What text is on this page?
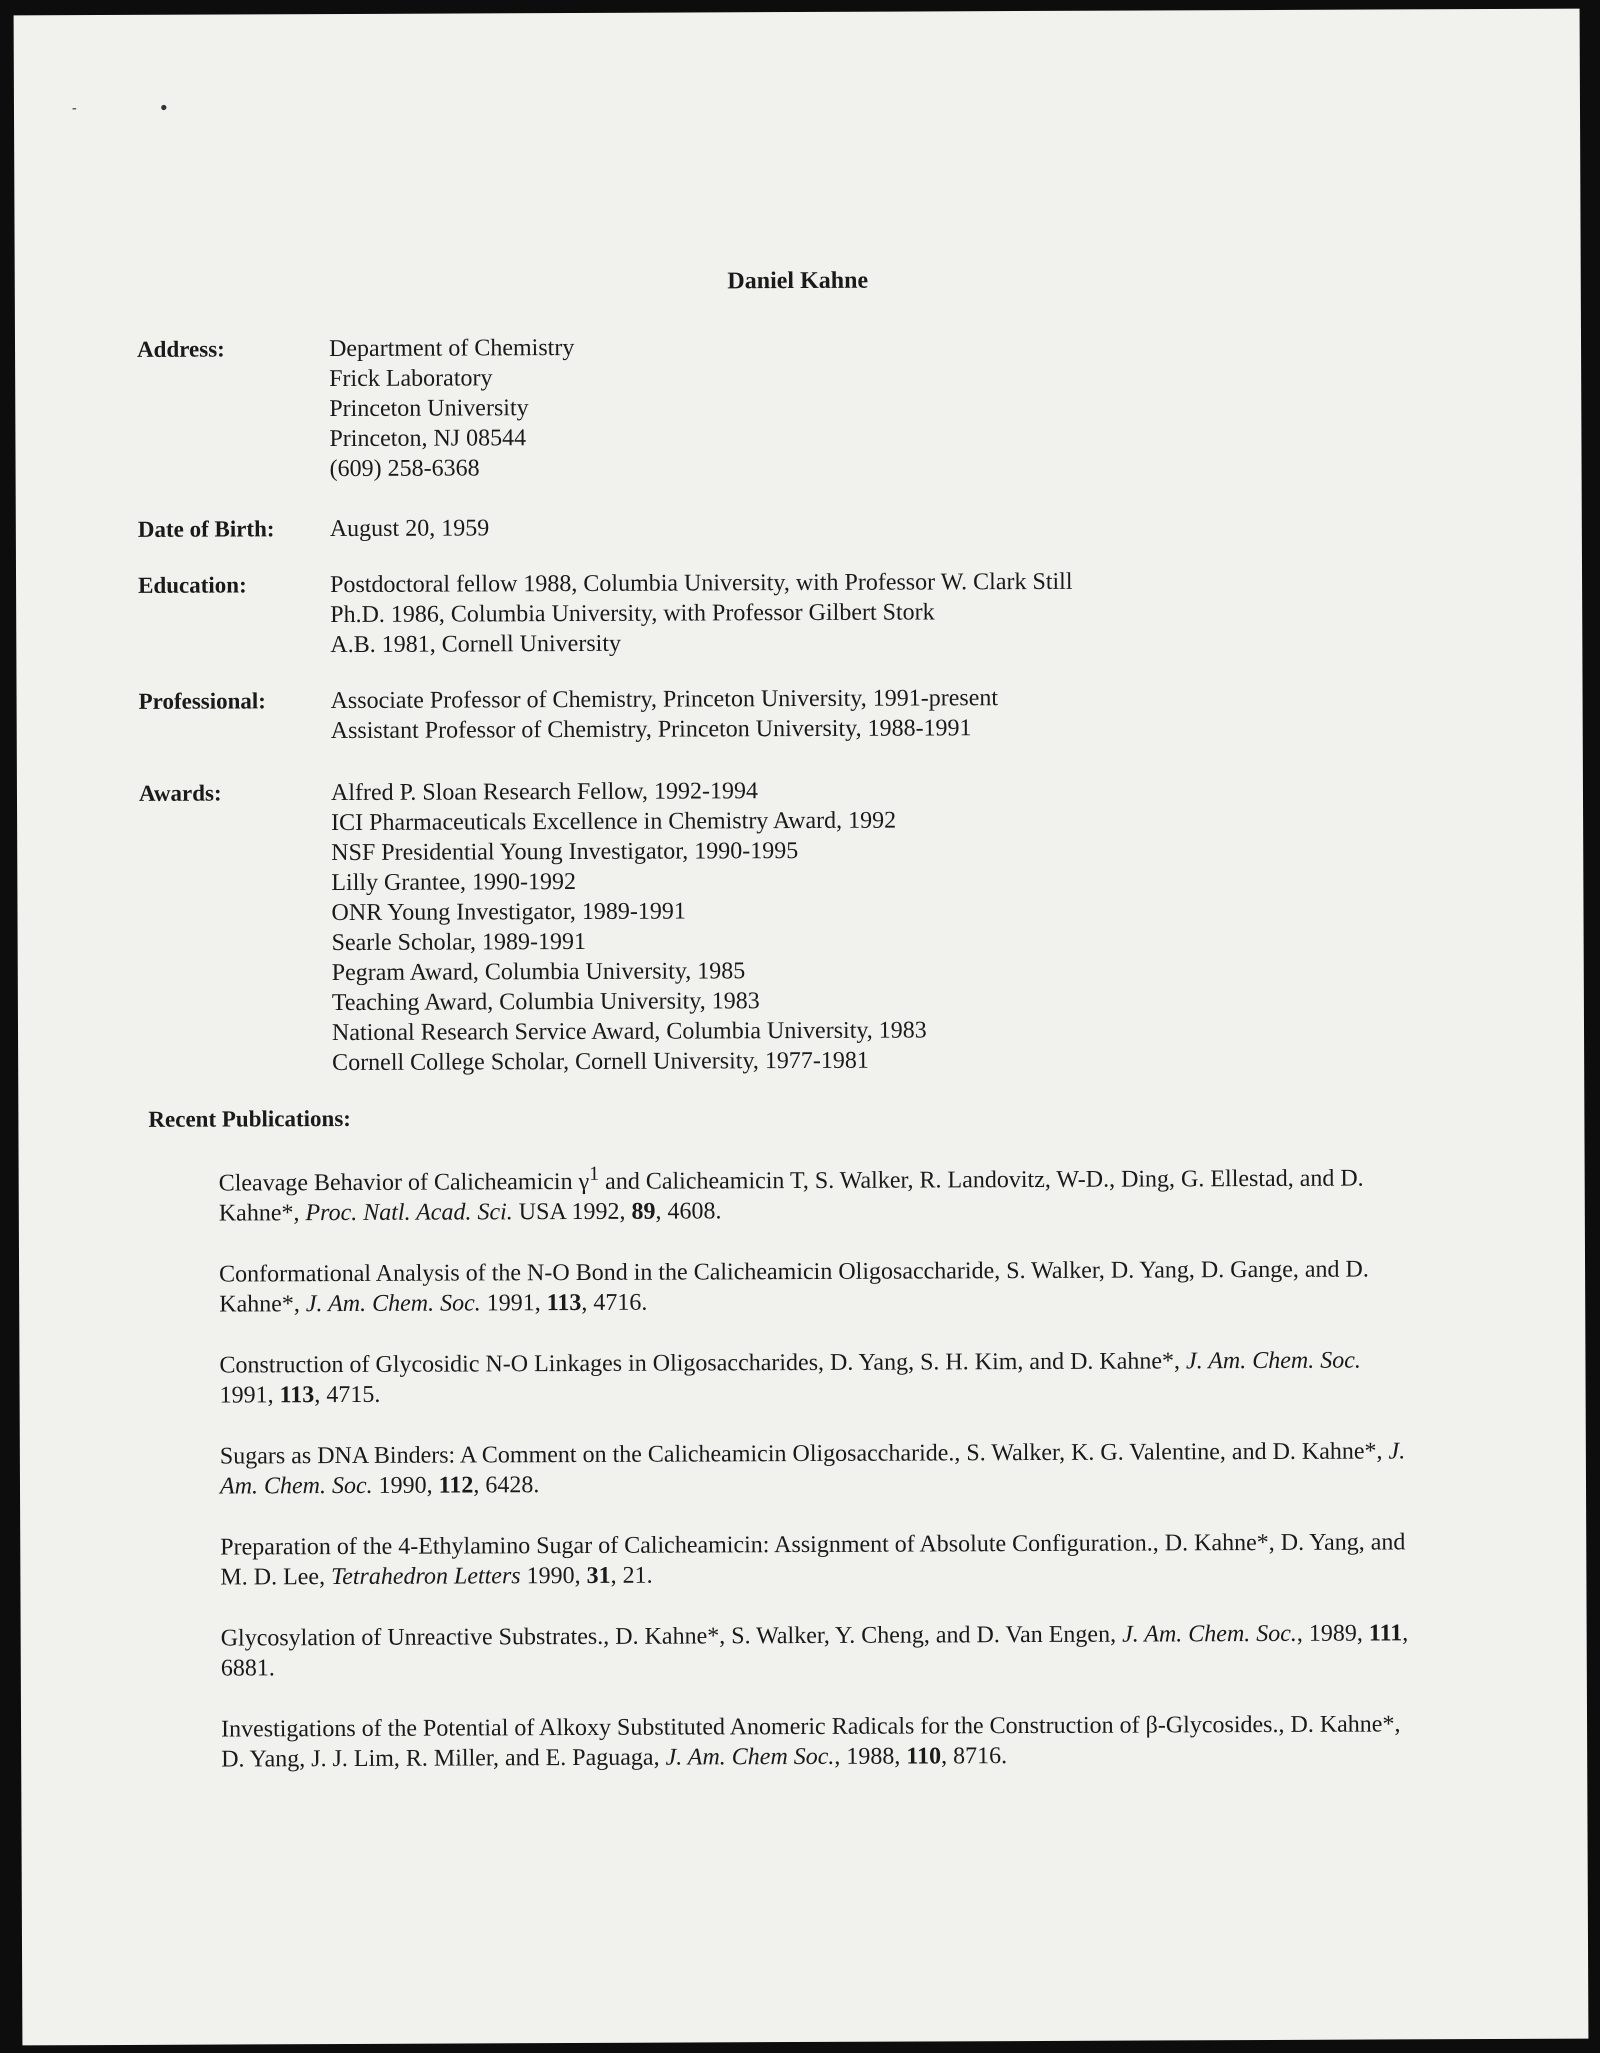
-	•
Daniel Kahne
Address:	Department of Chemistry
Frick Laboratory
Princeton University
Princeton, NJ 08544
(609) 258-6368
Date of Birth:	August 20, 1959
Education:	Postdoctoral fellow 1988, Columbia University, with Professor W. Clark Still
Ph.D. 1986, Columbia University, with Professor Gilbert Stork
A.B. 1981, Cornell University
Professional:	Associate Professor of Chemistry, Princeton University, 1991-present
Assistant Professor of Chemistry, Princeton University, 1988-1991
Awards:	Alfred P. Sloan Research Fellow, 1992-1994
ICI Pharmaceuticals Excellence in Chemistry Award, 1992
NSF Presidential Young Investigator, 1990-1995
Lilly Grantee, 1990-1992
ONR Young Investigator, 1989-1991
Searle Scholar, 1989-1991
Pegram Award, Columbia University, 1985
Teaching Award, Columbia University, 1983
National Research Service Award, Columbia University, 1983
Cornell College Scholar, Cornell University, 1977-1981
Recent Publications:
Cleavage Behavior of Calicheamicin $\gamma^1$ and Calicheamicin T, S. Walker, R. Landovitz, W-D., Ding, G. Ellestad, and D. Kahne*, Proc. Natl. Acad. Sci. USA 1992, 89, 4608.
Conformational Analysis of the N-O Bond in the Calicheamicin Oligosaccharide, S. Walker, D. Yang, D. Gange, and D. Kahne*, J. Am. Chem. Soc. 1991, 113, 4716.
Construction of Glycosidic N-O Linkages in Oligosaccharides, D. Yang, S. H. Kim, and D. Kahne*, J. Am. Chem. Soc. 1991, 113, 4715.
Sugars as DNA Binders: A Comment on the Calicheamicin Oligosaccharide., S. Walker, K. G. Valentine, and D. Kahne*, J. Am. Chem. Soc. 1990, 112, 6428.
Preparation of the 4-Ethylamino Sugar of Calicheamicin: Assignment of Absolute Configuration., D. Kahne*, D. Yang, and M. D. Lee, Tetrahedron Letters 1990, 31, 21.
Glycosylation of Unreactive Substrates., D. Kahne*, S. Walker, Y. Cheng, and D. Van Engen, J. Am. Chem. Soc., 1989, 111, 6881.
Investigations of the Potential of Alkoxy Substituted Anomeric Radicals for the Construction of β-Glycosides., D. Kahne*, D. Yang, J. J. Lim, R. Miller, and E. Paguaga, J. Am. Chem Soc., 1988, 110, 8716.
